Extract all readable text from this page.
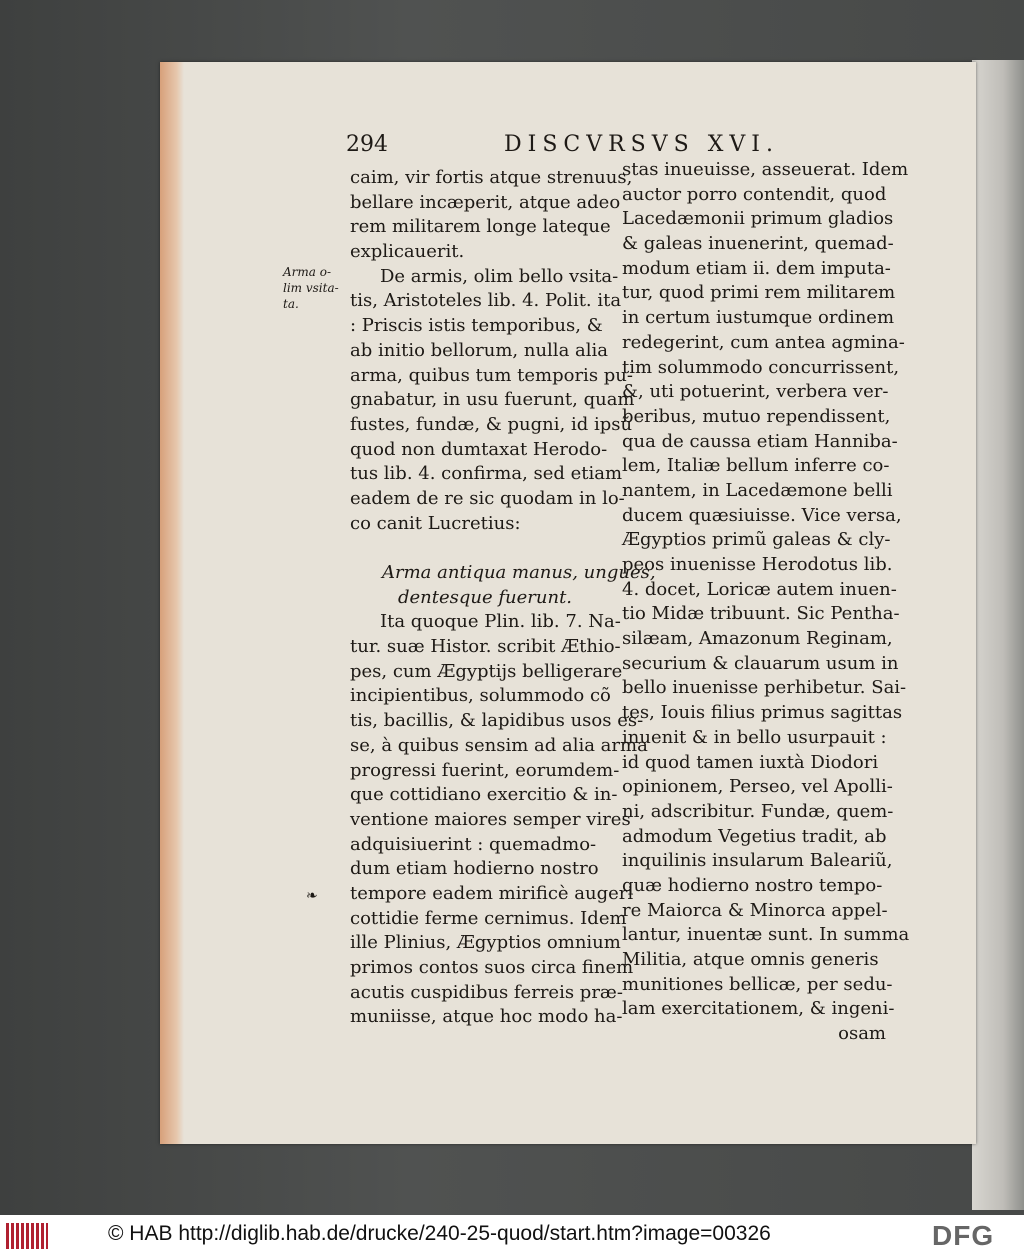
294	DISCVRSVS XVI.
Arma o-
lim vsita-
ta.
❧
caim, vir fortis atque strenuus,
bellare incæperit, atque adeo
rem militarem longe lateque
explicauerit.
De armis, olim bello vsita-
tis, Aristoteles lib. 4. Polit. ita
: Priscis istis temporibus, &
ab initio bellorum, nulla alia
arma, quibus tum temporis pu-
gnabatur, in usu fuerunt, quam
fustes, fundæ, & pugni, id ipsũ
quod non dumtaxat Herodo-
tus lib. 4. confirma, sed etiam
eadem de re sic quodam in lo-
co canit Lucretius:
Arma antiqua manus, ungues,
dentesque fuerunt.
Ita quoque Plin. lib. 7. Na-
tur. suæ Histor. scribit Æthio-
pes, cum Ægyptijs belligerare
incipientibus, solummodo cõ
tis, bacillis, & lapidibus usos es-
se, à quibus sensim ad alia arma
progressi fuerint, eorumdem-
que cottidiano exercitio & in-
ventione maiores semper vires
adquisiuerint : quemadmo-
dum etiam hodierno nostro
tempore eadem mirificè augeri
cottidie ferme cernimus. Idem
ille Plinius, Ægyptios omnium
primos contos suos circa finem
acutis cuspidibus ferreis præ-
muniisse, atque hoc modo ha-
stas inueuisse, asseuerat. Idem
auctor porro contendit, quod
Lacedæmonii primum gladios
& galeas inuenerint, quemad-
modum etiam ii. dem imputa-
tur, quod primi rem militarem
in certum iustumque ordinem
redegerint, cum antea agmina-
tim solummodo concurrissent,
&, uti potuerint, verbera ver-
beribus, mutuo rependissent,
qua de caussa etiam Hanniba-
lem, Italiæ bellum inferre co-
nantem, in Lacedæmone belli
ducem quæsiuisse. Vice versa,
Ægyptios primũ galeas & cly-
peos inuenisse Herodotus lib.
4. docet, Loricæ autem inuen-
tio Midæ tribuunt. Sic Pentha-
silæam, Amazonum Reginam,
securium & clauarum usum in
bello inuenisse perhibetur. Sai-
tes, Iouis filius primus sagittas
inuenit & in bello usurpauit :
id quod tamen iuxtà Diodori
opinionem, Perseo, vel Apolli-
ni, adscribitur. Fundæ, quem-
admodum Vegetius tradit, ab
inquilinis insularum Baleariũ,
quæ hodierno nostro tempo-
re Maiorca & Minorca appel-
lantur, inuentæ sunt. In summa
Militia, atque omnis generis
munitiones bellicæ, per sedu-
lam exercitationem, & ingeni-
osam
© HAB http://diglib.hab.de/drucke/240-25-quod/start.htm?image=00326	DFG
